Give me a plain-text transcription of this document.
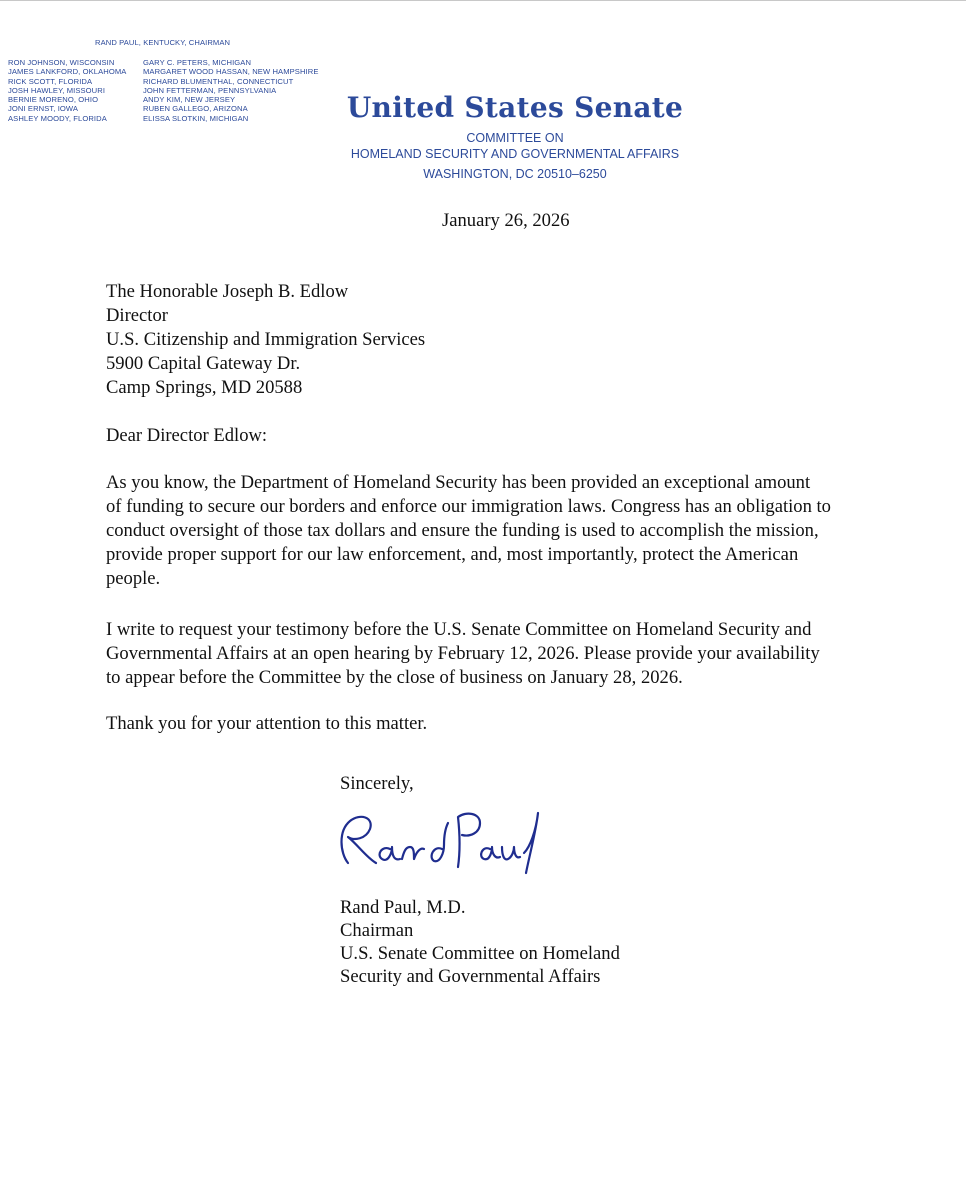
RAND PAUL, KENTUCKY, CHAIRMAN
RON JOHNSON, WISCONSIN
JAMES LANKFORD, OKLAHOMA
RICK SCOTT, FLORIDA
JOSH HAWLEY, MISSOURI
BERNIE MORENO, OHIO
JONI ERNST, IOWA
ASHLEY MOODY, FLORIDA
GARY C. PETERS, MICHIGAN
MARGARET WOOD HASSAN, NEW HAMPSHIRE
RICHARD BLUMENTHAL, CONNECTICUT
JOHN FETTERMAN, PENNSYLVANIA
ANDY KIM, NEW JERSEY
RUBEN GALLEGO, ARIZONA
ELISSA SLOTKIN, MICHIGAN	United States Senate
COMMITTEE ON
HOMELAND SECURITY AND GOVERNMENTAL AFFAIRS
WASHINGTON, DC 20510–6250
January 26, 2026
The Honorable Joseph B. Edlow
Director
U.S. Citizenship and Immigration Services
5900 Capital Gateway Dr.
Camp Springs, MD 20588
Dear Director Edlow:
As you know, the Department of Homeland Security has been provided an exceptional amount
of funding to secure our borders and enforce our immigration laws. Congress has an obligation to
conduct oversight of those tax dollars and ensure the funding is used to accomplish the mission,
provide proper support for our law enforcement, and, most importantly, protect the American
people.
I write to request your testimony before the U.S. Senate Committee on Homeland Security and
Governmental Affairs at an open hearing by February 12, 2026. Please provide your availability
to appear before the Committee by the close of business on January 28, 2026.
Thank you for your attention to this matter.
Sincerely,
Rand Paul, M.D.
Chairman
U.S. Senate Committee on Homeland
Security and Governmental Affairs
